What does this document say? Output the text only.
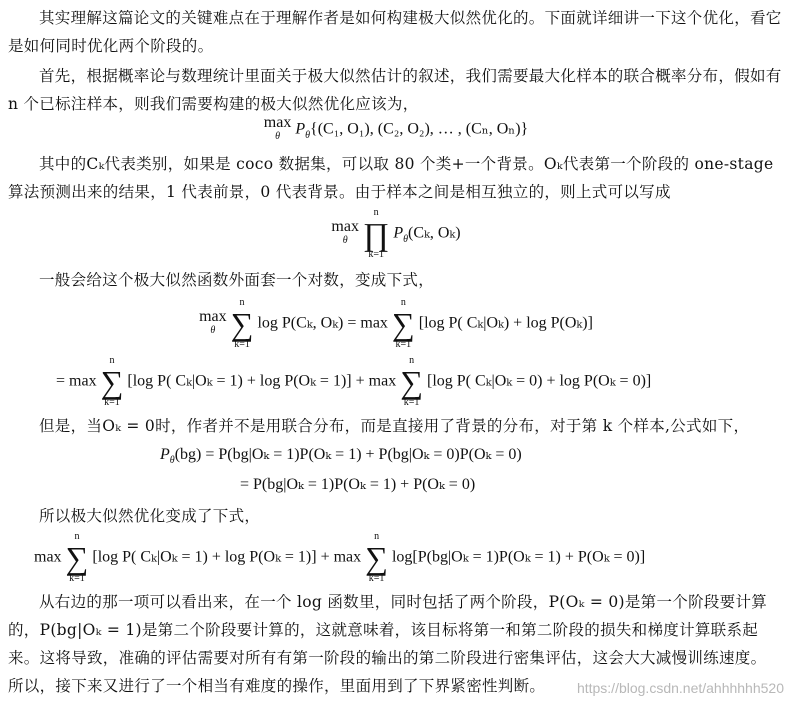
其实理解这篇论文的关键难点在于理解作者是如何构建极大似然优化的。下面就详细讲一下这个优化，看它是如何同时优化两个阶段的。
首先，根据概率论与数理统计里面关于极大似然估计的叙述，我们需要最大化样本的联合概率分布，假如有 n 个已标注样本，则我们需要构建的极大似然优化应该为，
max
θ $P_\theta\{(C_1$, O₁), (C₂, O₂), … , (Cₙ, Oₙ)}
其中的Cₖ代表类别，如果是 coco 数据集，可以取 80 个类+一个背景。Oₖ代表第一个阶段的 one-stage 算法预测出来的结果，1 代表前景，0 代表背景。由于样本之间是相互独立的，则上式可以写成
max
θ

n
∏
k=1
$P_\theta(C_k$, Oₖ)
一般会给这个极大似然函数外面套一个对数，变成下式，
max
θ

n
∑
k=1
log P(Cₖ, Oₖ) = max
n
∑
k=1
[log P( Cₖ|Oₖ) + log P(Oₖ)]
= max
n
∑
k=1
[log P( Cₖ|Oₖ = 1) + log P(Oₖ = 1)] + max
n
∑
k=1
[log P( Cₖ|Oₖ = 0) + log P(Oₖ = 0)]
但是，当Oₖ = 0时，作者并不是用联合分布，而是直接用了背景的分布，对于第 k 个样本,公式如下，
$P_\theta(bg) = P(bg|O_k = 1)P(O_k = 1) + P(bg|O_k = 0)P(O_k = 0)$
= P(bg|Oₖ = 1)P(Oₖ = 1) + P(Oₖ = 0)
所以极大似然优化变成了下式，
max
n
∑
k=1
[log P( Cₖ|Oₖ = 1) + log P(Oₖ = 1)] + max
n
∑
k=1
log[P(bg|Oₖ = 1)P(Oₖ = 1) + P(Oₖ = 0)]
从右边的那一项可以看出来，在一个 log 函数里，同时包括了两个阶段，P(Oₖ = 0)是第一个阶段要计算的，P(bg|Oₖ = 1)是第二个阶段要计算的，这就意味着，该目标将第一和第二阶段的损失和梯度计算联系起来。这将导致，准确的评估需要对所有有第一阶段的输出的第二阶段进行密集评估，这会大大减慢训练速度。所以，接下来又进行了一个相当有难度的操作，里面用到了下界紧密性判断。	https://blog.csdn.net/ahhhhhh520
